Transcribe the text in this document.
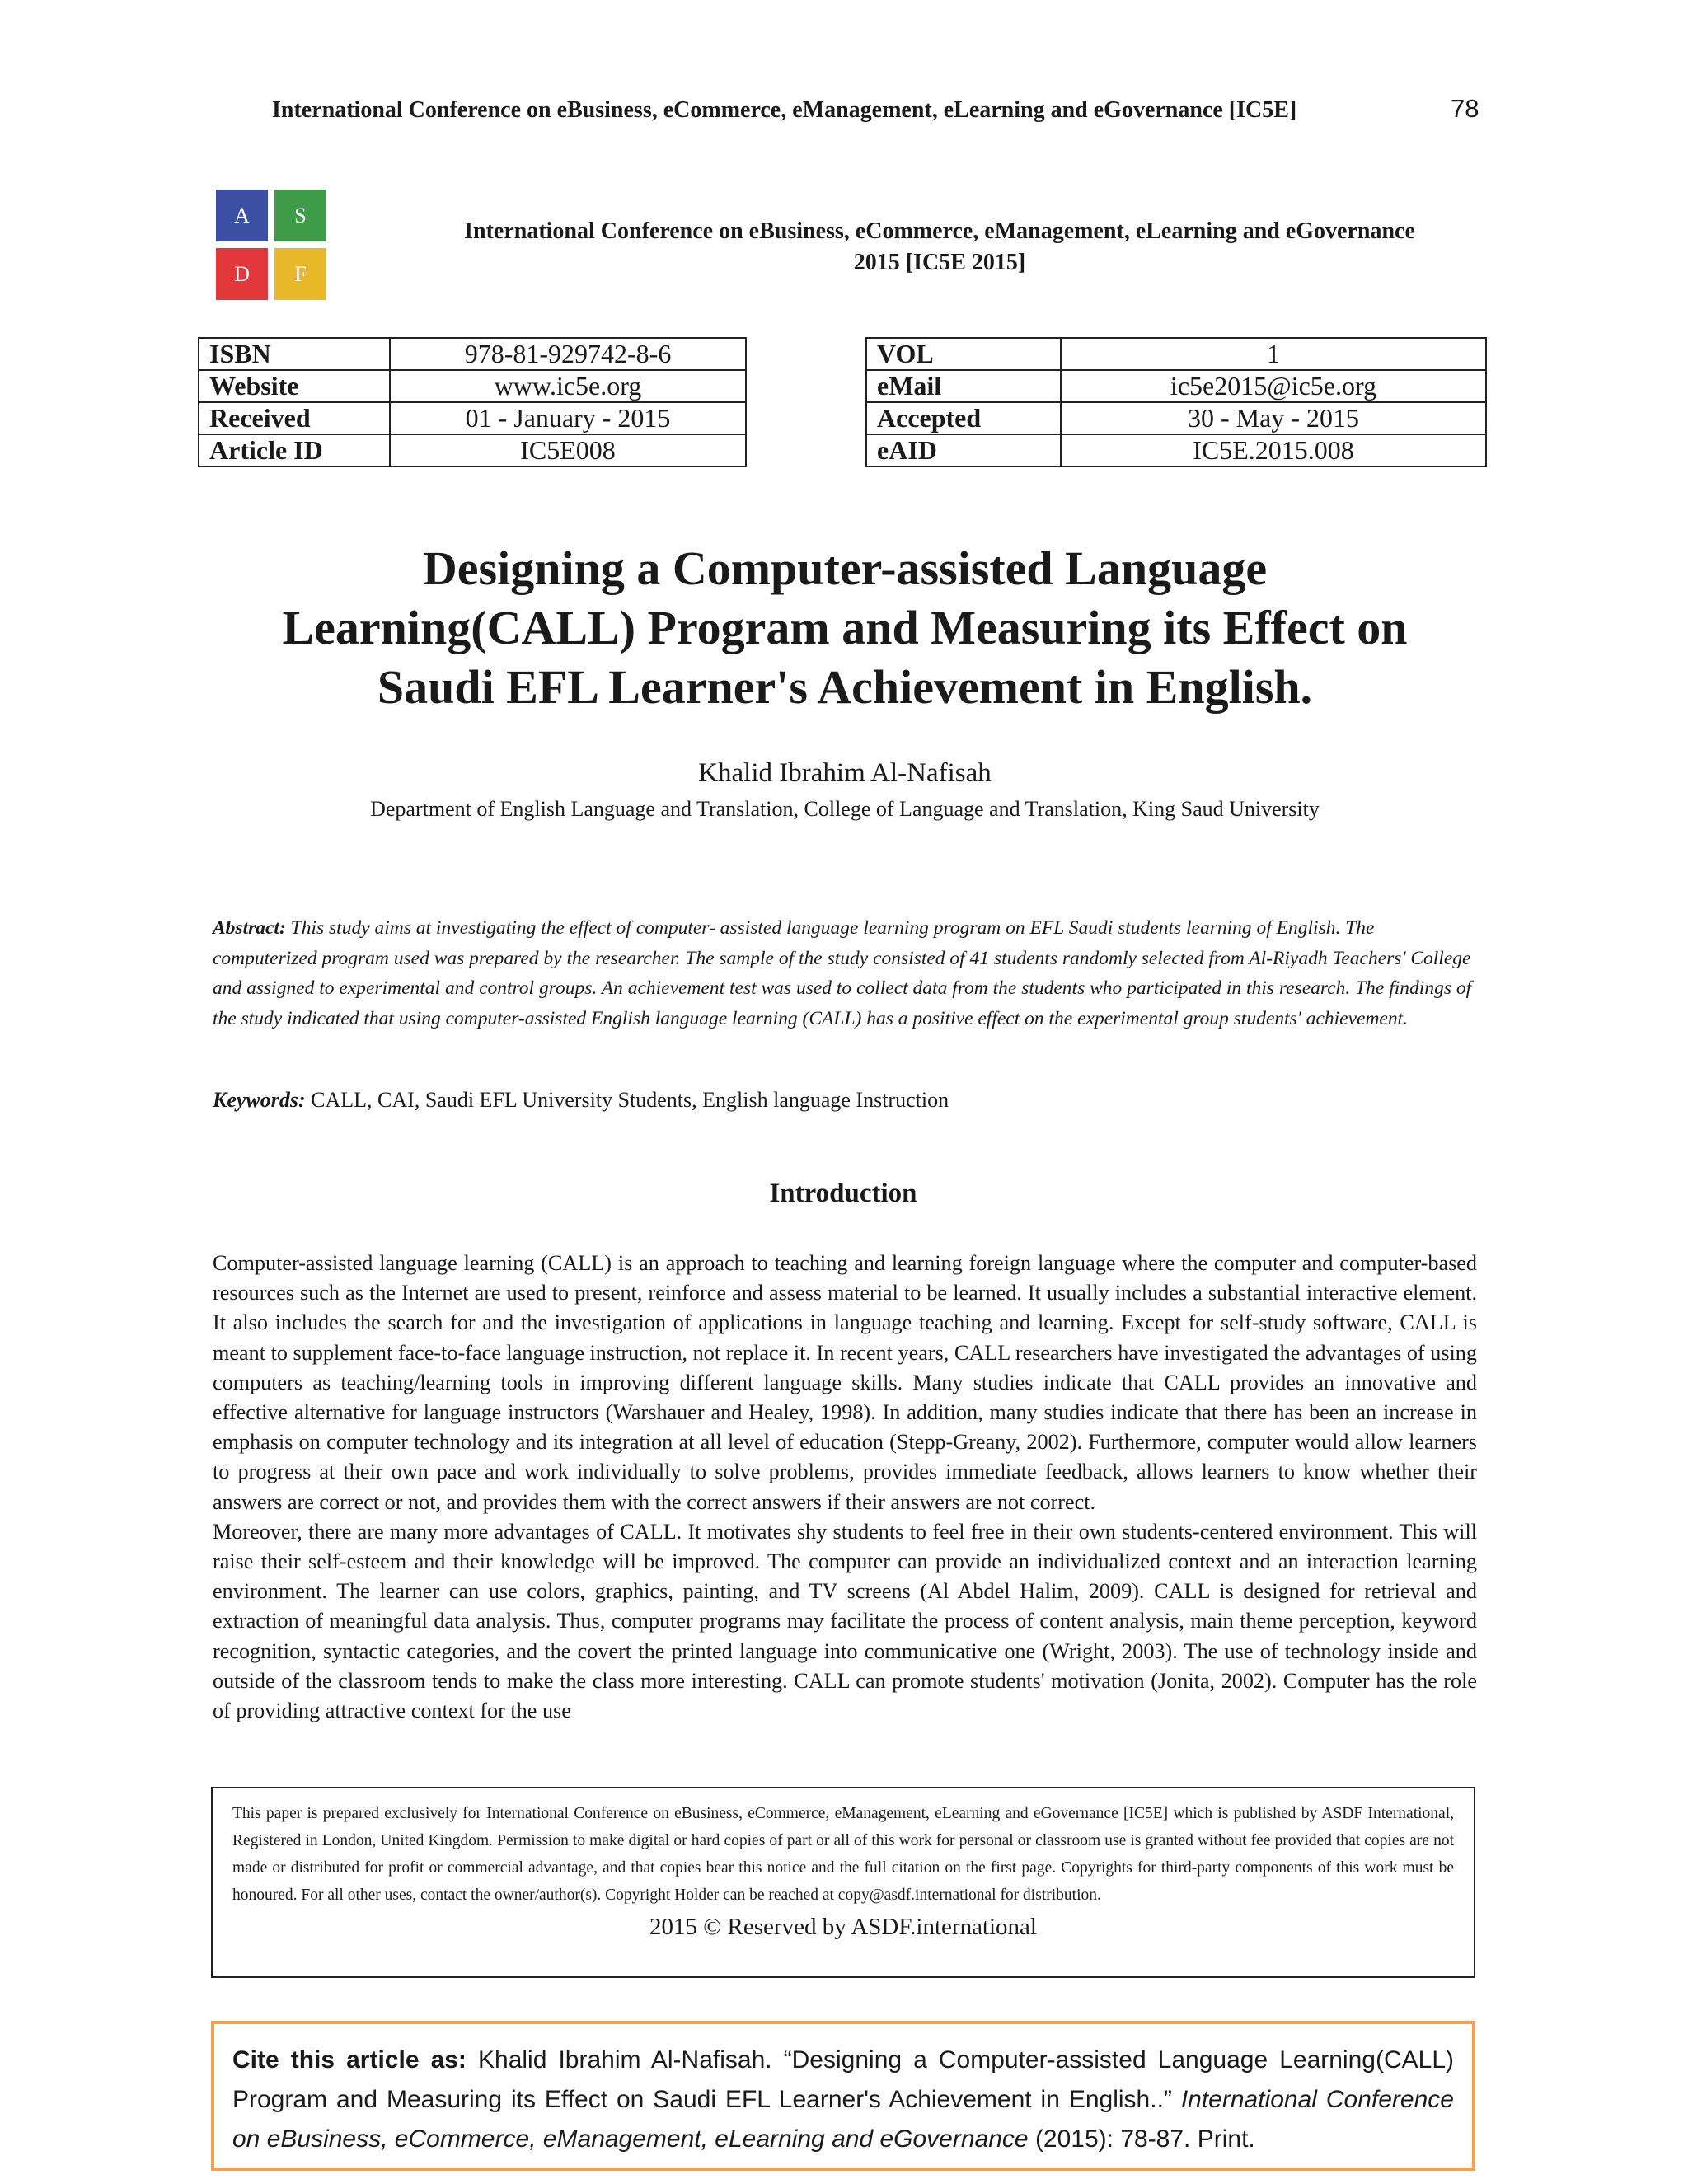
International Conference on eBusiness, eCommerce, eManagement, eLearning and eGovernance [IC5E]	78
A	S
D	F
International Conference on eBusiness, eCommerce, eManagement, eLearning and eGovernance
2015 [IC5E 2015]
ISBN	978-81-929742-8-6
Website	www.ic5e.org
Received	01 - January - 2015
Article ID	IC5E008
VOL	1
eMail	ic5e2015@ic5e.org
Accepted	30 - May - 2015
eAID	IC5E.2015.008
Designing a Computer-assisted Language
Learning(CALL) Program and Measuring its Effect on
Saudi EFL Learner's Achievement in English.
Khalid Ibrahim Al-Nafisah
Department of English Language and Translation, College of Language and Translation, King Saud University
Abstract: This study aims at investigating the effect of computer- assisted language learning program on EFL Saudi students learning of English. The computerized program used was prepared by the researcher. The sample of the study consisted of 41 students randomly selected from Al-Riyadh Teachers' College and assigned to experimental and control groups. An achievement test was used to collect data from the students who participated in this research. The findings of the study indicated that using computer-assisted English language learning (CALL) has a positive effect on the experimental group students' achievement.
Keywords: CALL, CAI, Saudi EFL University Students, English language Instruction
Introduction

Computer-assisted language learning (CALL) is an approach to teaching and learning foreign language where the computer and computer-based resources such as the Internet are used to present, reinforce and assess material to be learned. It usually includes a substantial interactive element. It also includes the search for and the investigation of applications in language teaching and learning. Except for self-study software, CALL is meant to supplement face-to-face language instruction, not replace it. In recent years, CALL researchers have investigated the advantages of using computers as teaching/learning tools in improving different language skills. Many studies indicate that CALL provides an innovative and effective alternative for language instructors (Warshauer and Healey, 1998). In addition, many studies indicate that there has been an increase in emphasis on computer technology and its integration at all level of education (Stepp-Greany, 2002). Furthermore, computer would allow learners to progress at their own pace and work individually to solve problems, provides immediate feedback, allows learners to know whether their answers are correct or not, and provides them with the correct answers if their answers are not correct.

Moreover, there are many more advantages of CALL. It motivates shy students to feel free in their own students-centered environment. This will raise their self-esteem and their knowledge will be improved. The computer can provide an individualized context and an interaction learning environment. The learner can use colors, graphics, painting, and TV screens (Al Abdel Halim, 2009). CALL is designed for retrieval and extraction of meaningful data analysis. Thus, computer programs may facilitate the process of content analysis, main theme perception, keyword recognition, syntactic categories, and the covert the printed language into communicative one (Wright, 2003). The use of technology inside and outside of the classroom tends to make the class more interesting. CALL can promote students' motivation (Jonita, 2002). Computer has the role of providing attractive context for the use

This paper is prepared exclusively for International Conference on eBusiness, eCommerce, eManagement, eLearning and eGovernance [IC5E] which is published by ASDF International, Registered in London, United Kingdom. Permission to make digital or hard copies of part or all of this work for personal or classroom use is granted without fee provided that copies are not made or distributed for profit or commercial advantage, and that copies bear this notice and the full citation on the first page. Copyrights for third-party components of this work must be honoured. For all other uses, contact the owner/author(s). Copyright Holder can be reached at copy@asdf.international for distribution.
2015 © Reserved by ASDF.international
Cite this article as: Khalid Ibrahim Al-Nafisah. “Designing a Computer-assisted Language Learning(CALL) Program and Measuring its Effect on Saudi EFL Learner's Achievement in English..” International Conference on eBusiness, eCommerce, eManagement, eLearning and eGovernance (2015): 78-87. Print.
